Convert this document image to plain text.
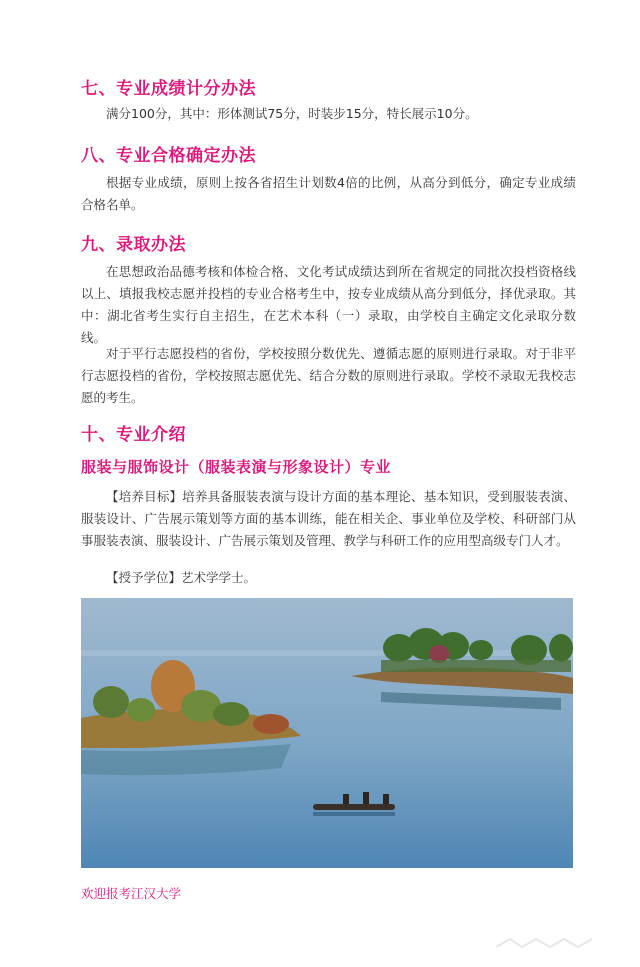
七、专业成绩计分办法

满分100分，其中：形体测试75分，时装步15分，特长展示10分。

八、专业合格确定办法

根据专业成绩，原则上按各省招生计划数4倍的比例，从高分到低分，确定专业成绩合格名单。

九、录取办法

在思想政治品德考核和体检合格、文化考试成绩达到所在省规定的同批次投档资格线以上、填报我校志愿并投档的专业合格考生中，按专业成绩从高分到低分，择优录取。其中：湖北省考生实行自主招生，在艺术本科（一）录取，由学校自主确定文化录取分数线。

对于平行志愿投档的省份，学校按照分数优先、遵循志愿的原则进行录取。对于非平行志愿投档的省份，学校按照志愿优先、结合分数的原则进行录取。学校不录取无我校志愿的考生。

十、专业介绍
服装与服饰设计（服装表演与形象设计）专业

【培养目标】培养具备服装表演与设计方面的基本理论、基本知识，受到服装表演、服装设计、广告展示策划等方面的基本训练，能在相关企、事业单位及学校、科研部门从事服装表演、服装设计、广告展示策划及管理、教学与科研工作的应用型高级专门人才。

【授予学位】艺术学学士。

欢迎报考江汉大学
